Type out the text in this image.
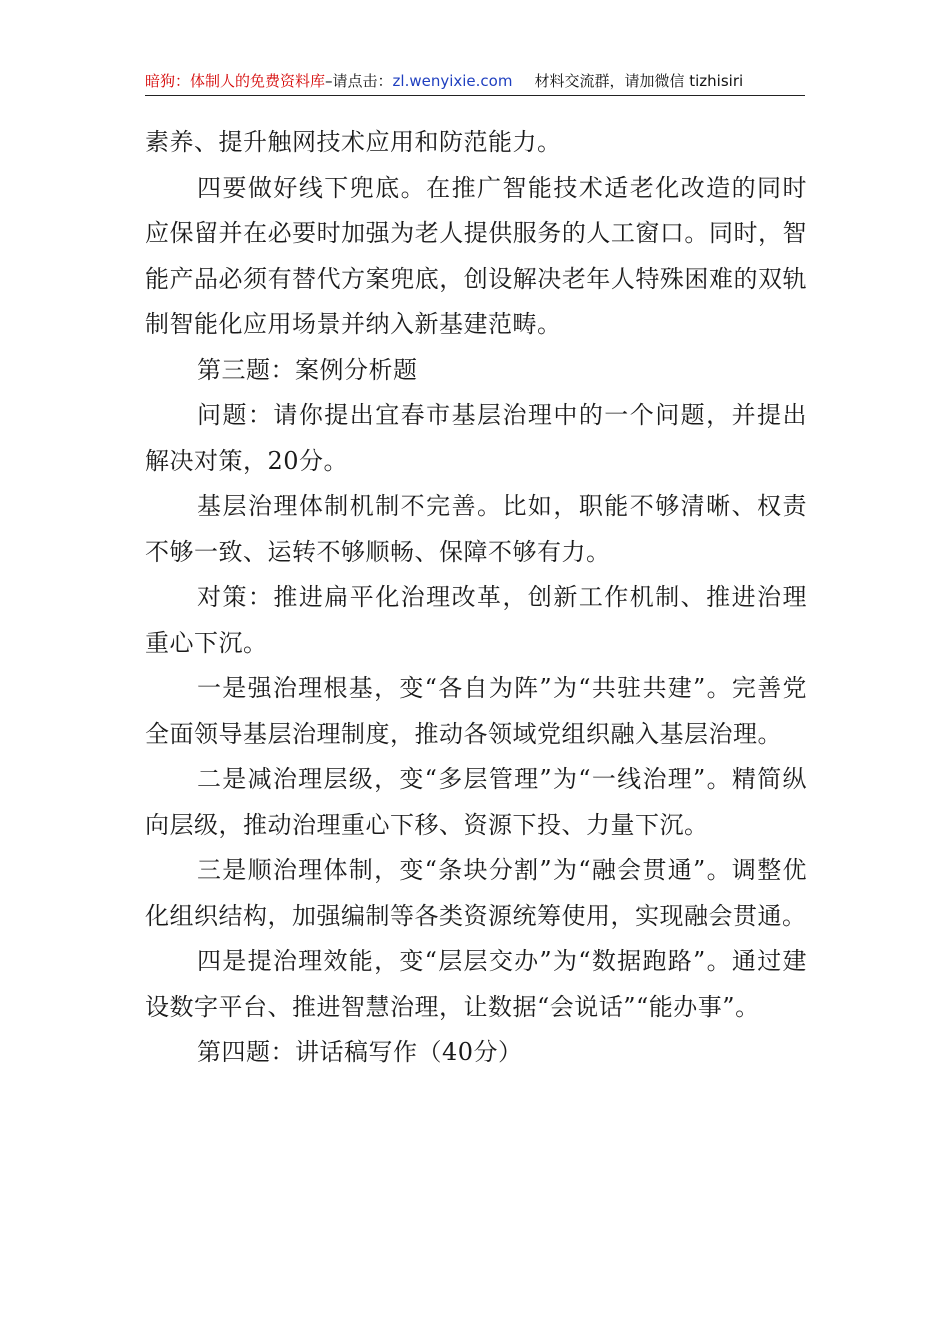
暗狗：体制人的免费资料库–请点击：zl.wenyixie.com 材料交流群，请加微信 tizhisiri

素养、提升触网技术应用和防范能力。

四要做好线下兜底。在推广智能技术适老化改造的同时应保留并在必要时加强为老人提供服务的人工窗口。同时，智能产品必须有替代方案兜底，创设解决老年人特殊困难的双轨制智能化应用场景并纳入新基建范畴。

第三题：案例分析题

问题：请你提出宜春市基层治理中的一个问题，并提出解决对策，20分。

基层治理体制机制不完善。比如，职能不够清晰、权责不够一致、运转不够顺畅、保障不够有力。

对策：推进扁平化治理改革，创新工作机制、推进治理重心下沉。

一是强治理根基，变“各自为阵”为“共驻共建”。完善党全面领导基层治理制度，推动各领域党组织融入基层治理。

二是减治理层级，变“多层管理”为“一线治理”。精简纵向层级，推动治理重心下移、资源下投、力量下沉。

三是顺治理体制，变“条块分割”为“融会贯通”。调整优化组织结构，加强编制等各类资源统筹使用，实现融会贯通。

四是提治理效能，变“层层交办”为“数据跑路”。通过建设数字平台、推进智慧治理，让数据“会说话”“能办事”。

第四题：讲话稿写作（40分）
